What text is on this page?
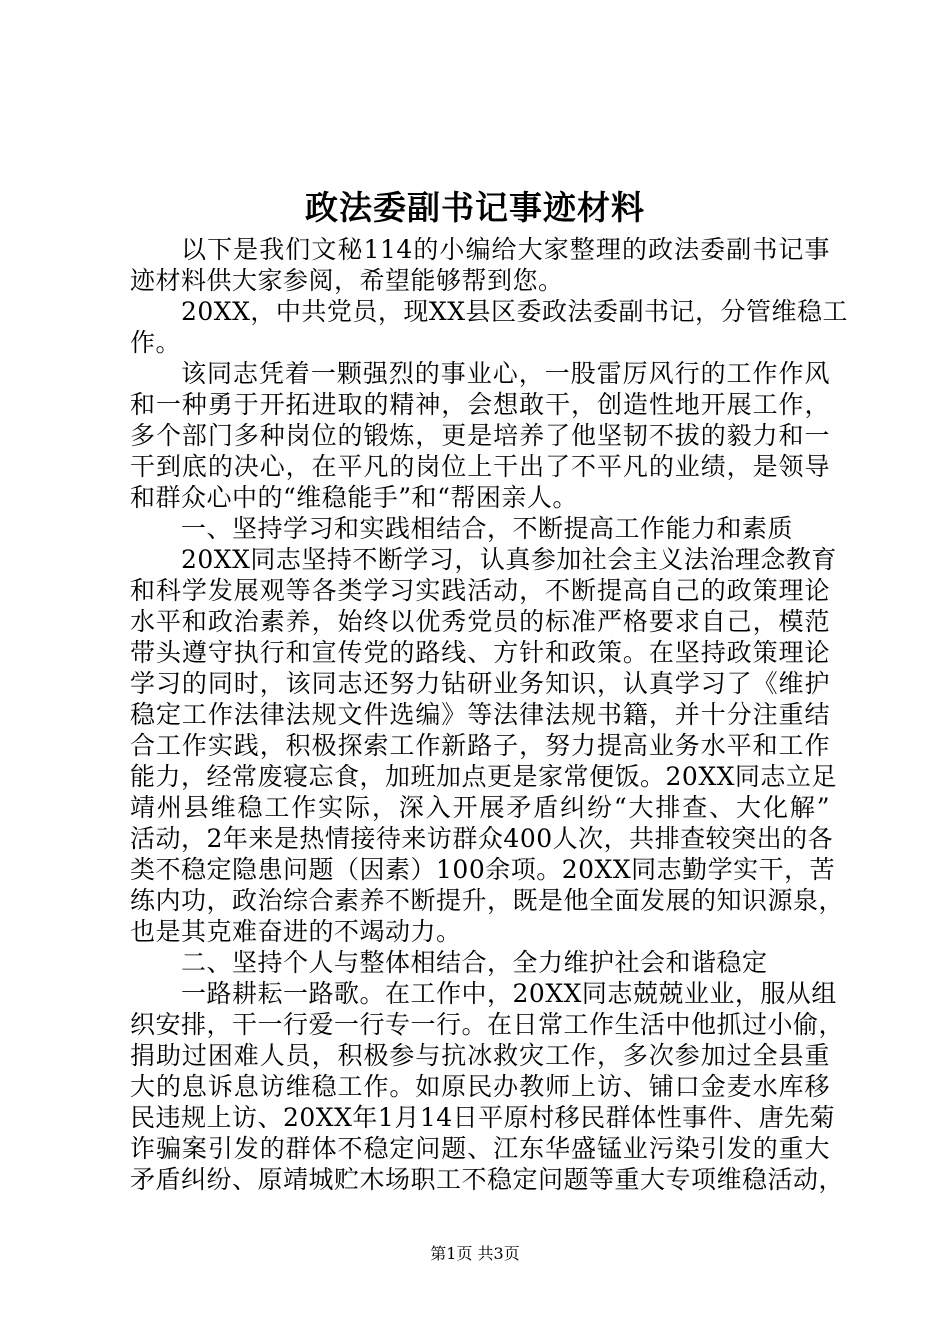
政法委副书记事迹材料
以下是我们文秘114的小编给大家整理的政法委副书记事
迹材料供大家参阅，希望能够帮到您。
20XX，中共党员，现XX县区委政法委副书记，分管维稳工
作。
该同志凭着一颗强烈的事业心，一股雷厉风行的工作作风
和一种勇于开拓进取的精神，会想敢干，创造性地开展工作，
多个部门多种岗位的锻炼，更是培养了他坚韧不拔的毅力和一
干到底的决心，在平凡的岗位上干出了不平凡的业绩，是领导
和群众心中的“维稳能手”和“帮困亲人。
一、坚持学习和实践相结合，不断提高工作能力和素质
20XX同志坚持不断学习，认真参加社会主义法治理念教育
和科学发展观等各类学习实践活动，不断提高自己的政策理论
水平和政治素养，始终以优秀党员的标准严格要求自己，模范
带头遵守执行和宣传党的路线、方针和政策。在坚持政策理论
学习的同时，该同志还努力钻研业务知识，认真学习了《维护
稳定工作法律法规文件选编》等法律法规书籍，并十分注重结
合工作实践，积极探索工作新路子，努力提高业务水平和工作
能力，经常废寝忘食，加班加点更是家常便饭。20XX同志立足
靖州县维稳工作实际，深入开展矛盾纠纷“大排查、大化解”
活动，2年来是热情接待来访群众400人次，共排查较突出的各
类不稳定隐患问题（因素）100余项。20XX同志勤学实干，苦
练内功，政治综合素养不断提升，既是他全面发展的知识源泉，
也是其克难奋进的不竭动力。
二、坚持个人与整体相结合，全力维护社会和谐稳定
一路耕耘一路歌。在工作中，20XX同志兢兢业业，服从组
织安排，干一行爱一行专一行。在日常工作生活中他抓过小偷，
捐助过困难人员，积极参与抗冰救灾工作，多次参加过全县重
大的息诉息访维稳工作。如原民办教师上访、铺口金麦水库移
民违规上访、20XX年1月14日平原村移民群体性事件、唐先菊
诈骗案引发的群体不稳定问题、江东华盛锰业污染引发的重大
矛盾纠纷、原靖城贮木场职工不稳定问题等重大专项维稳活动，
第1页 共3页
